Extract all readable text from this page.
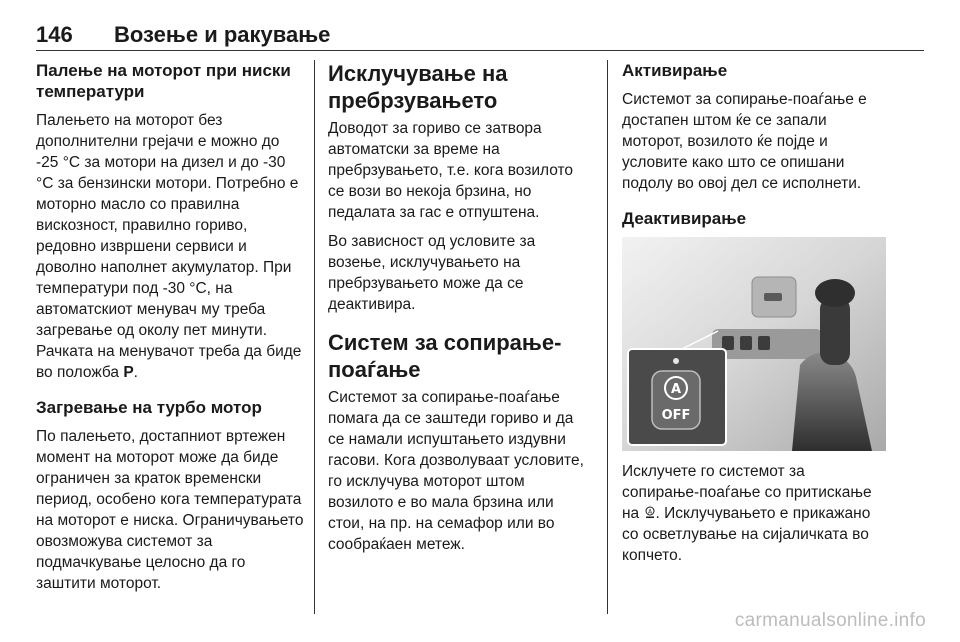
146 Возење и ракување
Палење на моторот при ниски температури

Палењето на моторот без дополнителни грејачи е можно до -25 °C за мотори на дизел и до -30 °C за бензински мотори. Потребно е моторно масло со правилна вискозност, правилно гориво, редовно извршени сервиси и доволно наполнет акумулатор. При температури под -30 °C, на автоматскиот менувач му треба загревање од околу пет минути. Рачката на менувачот треба да биде во положба P.

Загревање на турбо мотор

По палењето, достапниот вртежен момент на моторот може да биде ограничен за краток временски период, особено кога температурата на моторот е ниска. Ограничувањето овозможува системот за подмачкување целосно да го заштити моторот.

Исклучување на пребрзувањето

Доводот за гориво се затвора автоматски за време на пребрзувањето, т.е. кога возилото се вози во некоја брзина, но педалата за гас е отпуштена.

Во зависност од условите за возење, исклучувањето на пребрзувањето може да се деактивира.

Систем за сопирање-поаѓање

Системот за сопирање-поаѓање помага да се заштеди гориво и да се намали испуштањето издувни гасови. Кога дозволуваат условите, го исклучува моторот штом возилото е во мала брзина или стои, на пр. на семафор или во сообраќаен метеж.

Активирање

Системот за сопирање-поаѓање е достапен штом ќе се запали моторот, возилото ќе појде и условите како што се опишани подолу во овој дел се исполнети.

Деактивирање
A
OFF

Исклучете го системот за сопирање-поаѓање со притискање на A . Исклучувањето е прикажано со осветлување на сијаличката во копчето.

carmanualsonline.info
